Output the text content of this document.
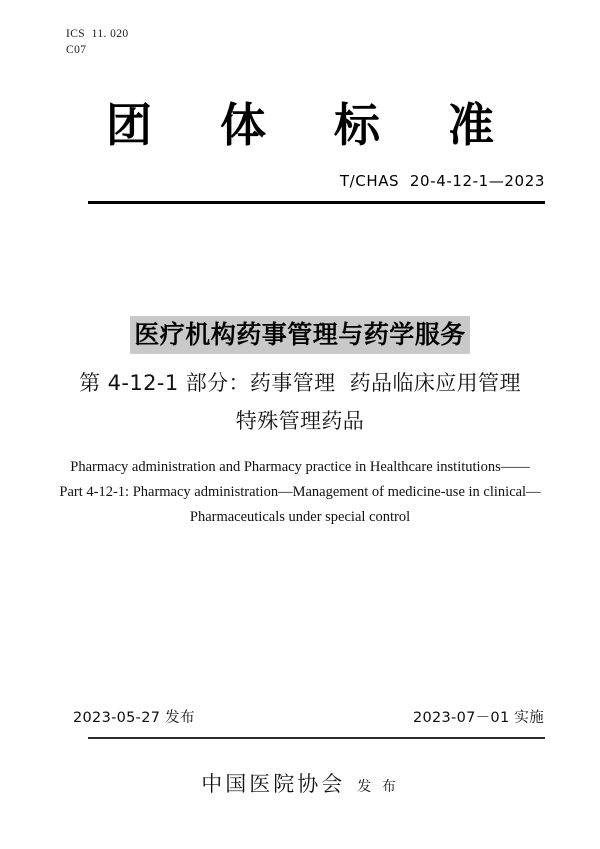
ICS  11. 020
C07
团 体 标 准
T/CHAS  20-4-12-1—2023
医疗机构药事管理与药学服务
第 4-12-1 部分：药事管理  药品临床应用管理
特殊管理药品
Pharmacy administration and Pharmacy practice in Healthcare institutions——
Part 4-12-1: Pharmacy administration—Management of medicine-use in clinical—
Pharmaceuticals under special control
2023-05-27 发布	2023-07－01 实施
中国医院协会 发 布
